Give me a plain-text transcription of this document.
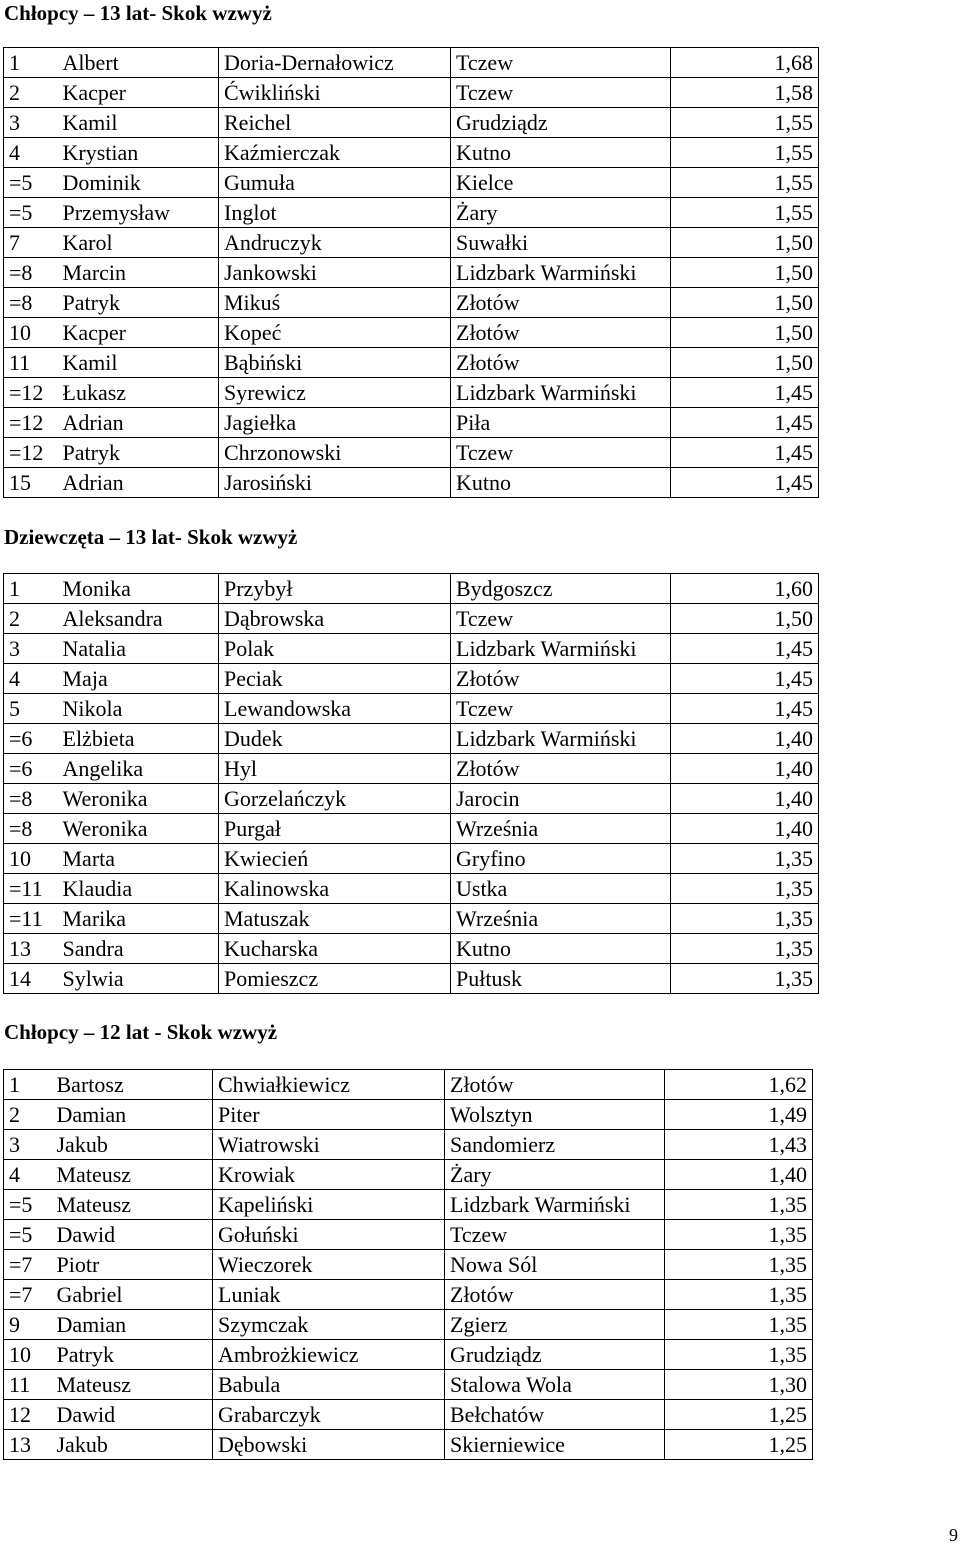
Chłopcy – 13 lat- Skok wzwyż
1	Albert	Doria-Dernałowicz	Tczew	1,68
2	Kacper	Ćwikliński	Tczew	1,58
3	Kamil	Reichel	Grudziądz	1,55
4	Krystian	Kaźmierczak	Kutno	1,55
=5	Dominik	Gumuła	Kielce	1,55
=5	Przemysław	Inglot	Żary	1,55
7	Karol	Andruczyk	Suwałki	1,50
=8	Marcin	Jankowski	Lidzbark Warmiński	1,50
=8	Patryk	Mikuś	Złotów	1,50
10	Kacper	Kopeć	Złotów	1,50
11	Kamil	Bąbiński	Złotów	1,50
=12	Łukasz	Syrewicz	Lidzbark Warmiński	1,45
=12	Adrian	Jagiełka	Piła	1,45
=12	Patryk	Chrzonowski	Tczew	1,45
15	Adrian	Jarosiński	Kutno	1,45
Dziewczęta – 13 lat- Skok wzwyż
1	Monika	Przybył	Bydgoszcz	1,60
2	Aleksandra	Dąbrowska	Tczew	1,50
3	Natalia	Polak	Lidzbark Warmiński	1,45
4	Maja	Peciak	Złotów	1,45
5	Nikola	Lewandowska	Tczew	1,45
=6	Elżbieta	Dudek	Lidzbark Warmiński	1,40
=6	Angelika	Hyl	Złotów	1,40
=8	Weronika	Gorzelańczyk	Jarocin	1,40
=8	Weronika	Purgał	Września	1,40
10	Marta	Kwiecień	Gryfino	1,35
=11	Klaudia	Kalinowska	Ustka	1,35
=11	Marika	Matuszak	Września	1,35
13	Sandra	Kucharska	Kutno	1,35
14	Sylwia	Pomieszcz	Pułtusk	1,35
Chłopcy – 12 lat - Skok wzwyż
1	Bartosz	Chwiałkiewicz	Złotów	1,62
2	Damian	Piter	Wolsztyn	1,49
3	Jakub	Wiatrowski	Sandomierz	1,43
4	Mateusz	Krowiak	Żary	1,40
=5	Mateusz	Kapeliński	Lidzbark Warmiński	1,35
=5	Dawid	Gołuński	Tczew	1,35
=7	Piotr	Wieczorek	Nowa Sól	1,35
=7	Gabriel	Luniak	Złotów	1,35
9	Damian	Szymczak	Zgierz	1,35
10	Patryk	Ambrożkiewicz	Grudziądz	1,35
11	Mateusz	Babula	Stalowa Wola	1,30
12	Dawid	Grabarczyk	Bełchatów	1,25
13	Jakub	Dębowski	Skierniewice	1,25
9
